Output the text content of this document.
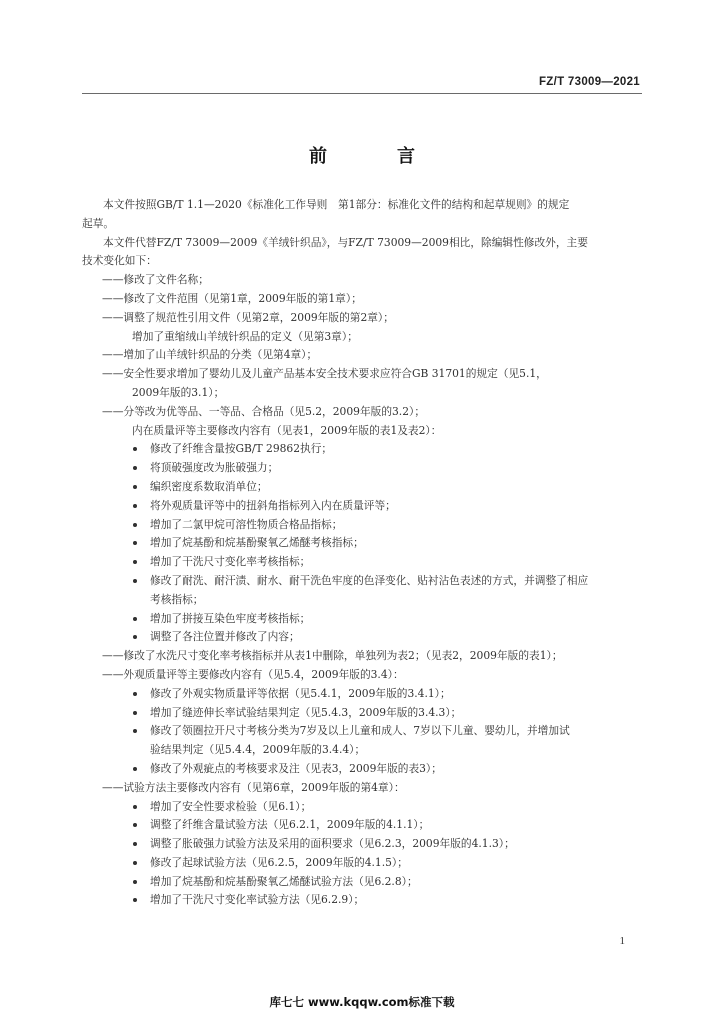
FZ/T 73009—2021
前　言
本文件按照GB/T 1.1—2020《标准化工作导则　第1部分：标准化文件的结构和起草规则》的规定
起草。
本文件代替FZ/T 73009—2009《羊绒针织品》，与FZ/T 73009—2009相比，除编辑性修改外，主要
技术变化如下：
——修改了文件名称；
——修改了文件范围（见第1章，2009年版的第1章）；
——调整了规范性引用文件（见第2章，2009年版的第2章）；
增加了重缩绒山羊绒针织品的定义（见第3章）；
——增加了山羊绒针织品的分类（见第4章）；
——安全性要求增加了婴幼儿及儿童产品基本安全技术要求应符合GB 31701的规定（见5.1，
2009年版的3.1）；
——分等改为优等品、一等品、合格品（见5.2，2009年版的3.2）；
内在质量评等主要修改内容有（见表1，2009年版的表1及表2）：
修改了纤维含量按GB/T 29862执行；
将顶破强度改为胀破强力；
编织密度系数取消单位；
将外观质量评等中的扭斜角指标列入内在质量评等；
增加了二氯甲烷可溶性物质合格品指标；
增加了烷基酚和烷基酚聚氧乙烯醚考核指标；
增加了干洗尺寸变化率考核指标；
修改了耐洗、耐汗渍、耐水、耐干洗色牢度的色泽变化、贴衬沾色表述的方式，并调整了相应
考核指标；
增加了拼接互染色牢度考核指标；
调整了各注位置并修改了内容；
——修改了水洗尺寸变化率考核指标并从表1中删除，单独列为表2；（见表2，2009年版的表1）；
——外观质量评等主要修改内容有（见5.4，2009年版的3.4）：
修改了外观实物质量评等依据（见5.4.1，2009年版的3.4.1）；
增加了缝迹伸长率试验结果判定（见5.4.3，2009年版的3.4.3）；
修改了领圈拉开尺寸考核分类为7岁及以上儿童和成人、7岁以下儿童、婴幼儿，并增加试
验结果判定（见5.4.4，2009年版的3.4.4）；
修改了外观疵点的考核要求及注（见表3，2009年版的表3）；
——试验方法主要修改内容有（见第6章，2009年版的第4章）：
增加了安全性要求检验（见6.1）；
调整了纤维含量试验方法（见6.2.1，2009年版的4.1.1）；
调整了胀破强力试验方法及采用的面积要求（见6.2.3，2009年版的4.1.3）；
修改了起球试验方法（见6.2.5，2009年版的4.1.5）；
增加了烷基酚和烷基酚聚氧乙烯醚试验方法（见6.2.8）；
增加了干洗尺寸变化率试验方法（见6.2.9）；
1
库七七 www.kqqw.com标准下载
